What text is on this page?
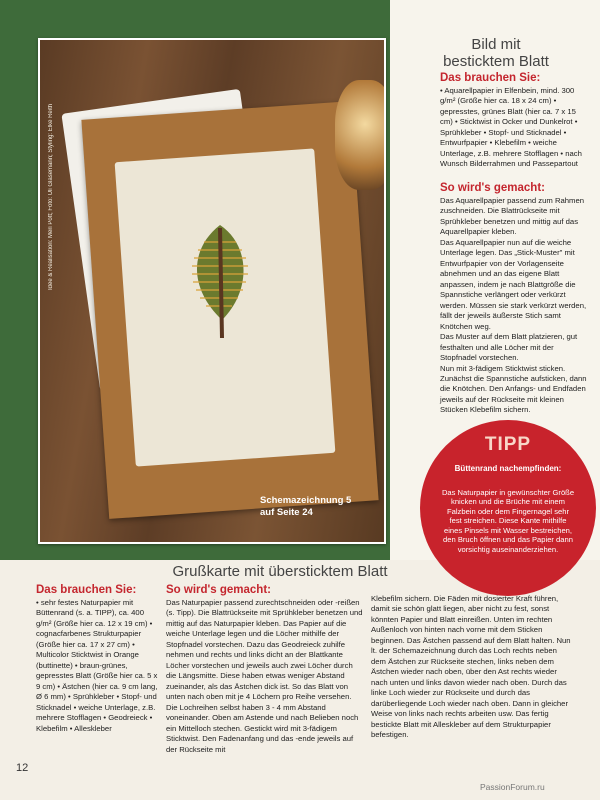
Idee & Realisation: Meri Pott; Foto: Uli Glasemann; Styling: Elke Reith
Schemazeichnung 5
auf Seite 24
Bild mit
besticktem Blatt
Das brauchen Sie:
• Aquarellpapier in Elfenbein, mind. 300 g/m² (Größe hier ca. 18 x 24 cm) • gepresstes, grünes Blatt (hier ca. 7 x 15 cm) • Sticktwist in Ocker und Dunkelrot • Sprühkleber • Stopf- und Sticknadel • Entwurfpapier • Klebefilm • weiche Unterlage, z.B. mehrere Stofflagen • nach Wunsch Bilderrahmen und Passepartout
So wird's gemacht:

Das Aquarellpapier passend zum Rahmen zuschneiden. Die Blattrückseite mit Sprühkleber benetzen und mittig auf das Aquarellpapier kleben.

Das Aquarellpapier nun auf die weiche Unterlage legen. Das „Stick-Muster" mit Entwurfpapier von der Vorlagenseite abnehmen und an das eigene Blatt anpassen, indem je nach Blattgröße die Spannstiche verlängert oder verkürzt werden. Müssen sie stark verkürzt werden, fällt der jeweils äußerste Stich samt Knötchen weg.

Das Muster auf dem Blatt platzieren, gut festhalten und alle Löcher mit der Stopfnadel vorstechen.

Nun mit 3-fädigem Sticktwist sticken. Zunächst die Spannstiche aufsticken, dann die Knötchen. Den Anfangs- und Endfaden jeweils auf der Rückseite mit kleinen Stücken Klebefilm sichern.

TIPP
Büttenrand nachempfinden:
Das Naturpapier in gewünschter Größe knicken und die Brüche mit einem Falzbein oder dem Fingernagel sehr fest streichen. Diese Kante mithilfe eines Pinsels mit Wasser bestreichen, den Bruch öffnen und das Papier dann vorsichtig auseinanderziehen.
Grußkarte mit übersticktem Blatt
Das brauchen Sie:
• sehr festes Naturpapier mit Büttenrand (s. a. TIPP), ca. 400 g/m² (Größe hier ca. 12 x 19 cm) • cognacfarbenes Strukturpapier (Größe hier ca. 17 x 27 cm) • Multicolor Sticktwist in Orange (buttinette) • braun-grünes, gepresstes Blatt (Größe hier ca. 5 x 9 cm) • Ästchen (hier ca. 9 cm lang, Ø 6 mm) • Sprühkleber • Stopf- und Sticknadel • weiche Unterlage, z.B. mehrere Stofflagen • Geodreieck • Klebefilm • Alleskleber
So wird's gemacht:
Das Naturpapier passend zurechtschneiden oder -reißen (s. Tipp). Die Blattrückseite mit Sprühkleber benetzen und mittig auf das Naturpapier kleben. Das Papier auf die weiche Unterlage legen und die Löcher mithilfe der Stopfnadel vorstechen. Dazu das Geodreieck zuhilfe nehmen und rechts und links dicht an der Blattkante Löcher vorstechen und jeweils auch zwei Löcher durch die Längsmitte. Diese haben etwas weniger Abstand zueinander, als das Ästchen dick ist. So das Blatt von unten nach oben mit je 4 Löchern pro Reihe versehen. Die Lochreihen selbst haben 3 - 4 mm Abstand voneinander. Oben am Astende und nach Belieben noch ein Mittelloch stechen. Gestickt wird mit 3-fädigem Sticktwist. Den Fadenanfang und das -ende jeweils auf der Rückseite mit
Klebefilm sichern. Die Fäden mit dosierter Kraft führen, damit sie schön glatt liegen, aber nicht zu fest, sonst könnten Papier und Blatt einreißen. Unten im rechten Außenloch von hinten nach vorne mit dem Sticken beginnen. Das Ästchen passend auf dem Blatt halten. Nun lt. der Schemazeichnung durch das Loch rechts neben dem Ästchen zur Rückseite stechen, links neben dem Ästchen wieder nach oben, über den Ast rechts wieder nach unten und links davon wieder nach oben. Durch das linke Loch wieder zur Rückseite und durch das darüberliegende Loch wieder nach oben. Dann in gleicher Weise von links nach rechts arbeiten usw. Das fertig bestickte Blatt mit Alleskleber auf dem Strukturpapier befestigen.
12
PassionForum.ru
